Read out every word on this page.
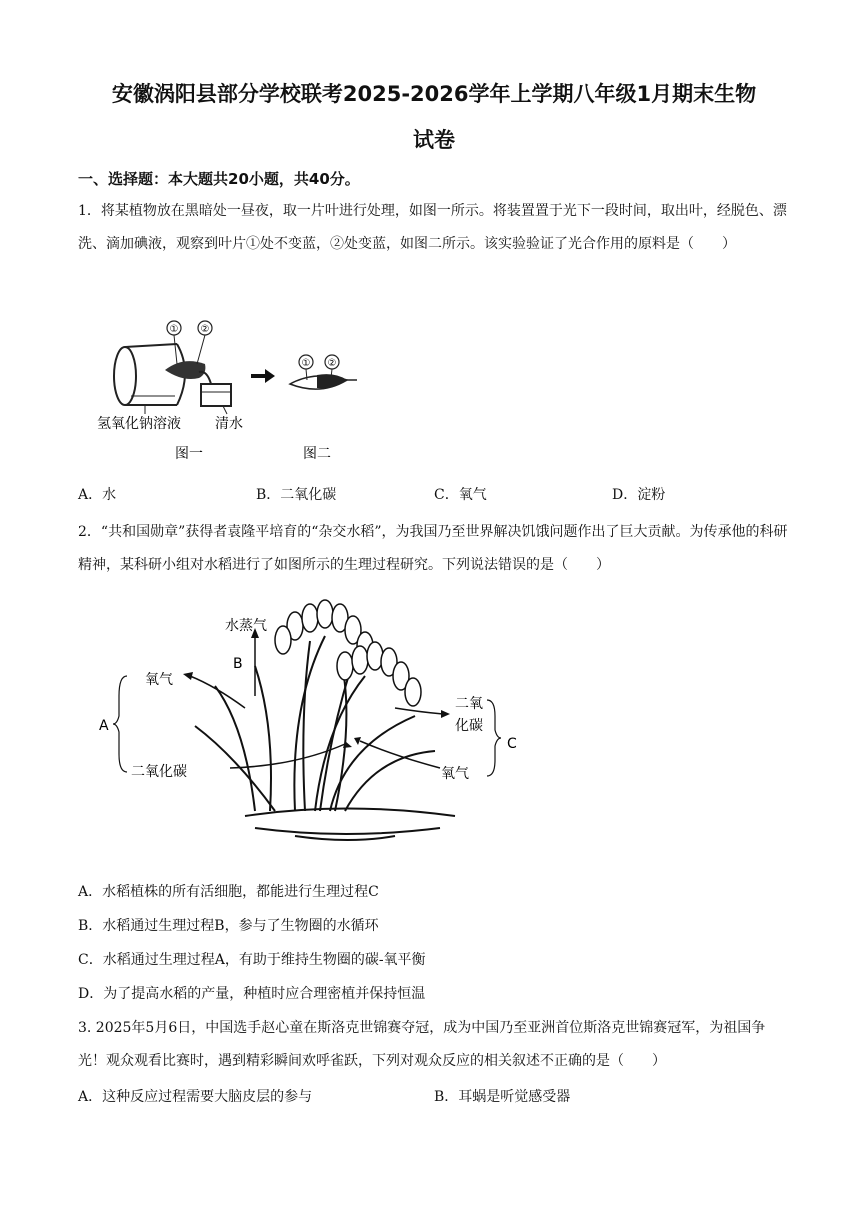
安徽涡阳县部分学校联考2025-2026学年上学期八年级1月期末生物
试卷
一、选择题：本大题共20小题，共40分。
1．将某植物放在黑暗处一昼夜，取一片叶进行处理，如图一所示。将装置置于光下一段时间，取出叶，经脱色、漂洗、滴加碘液，观察到叶片①处不变蓝，②处变蓝，如图二所示。该实验验证了光合作用的原料是（　　）
① ②
① ②
氢氧化钠溶液 清水
图一	图二
A．水	B．二氧化碳	C．氧气	D．淀粉
2．“共和国勋章”获得者袁隆平培育的“杂交水稻”，为我国乃至世界解决饥饿问题作出了巨大贡献。为传承他的科研精神，某科研小组对水稻进行了如图所示的生理过程研究。下列说法错误的是（　　）
水蒸气
B
A
C
氧气
二氧化碳
二氧
化碳
氧气
A．水稻植株的所有活细胞，都能进行生理过程C
B．水稻通过生理过程B，参与了生物圈的水循环
C．水稻通过生理过程A，有助于维持生物圈的碳-氧平衡
D．为了提高水稻的产量，种植时应合理密植并保持恒温
3. 2025年5月6日，中国选手赵心童在斯洛克世锦赛夺冠，成为中国乃至亚洲首位斯洛克世锦赛冠军，为祖国争光！观众观看比赛时，遇到精彩瞬间欢呼雀跃，下列对观众反应的相关叙述不正确的是（　　）
A．这种反应过程需要大脑皮层的参与	B．耳蜗是听觉感受器
